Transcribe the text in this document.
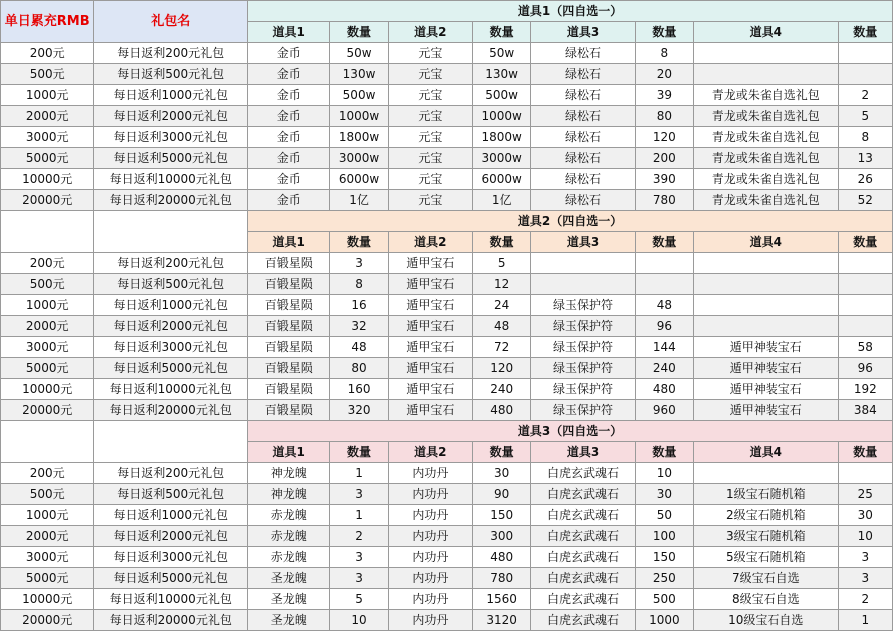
单日累充RMB	礼包名	道具1（四自选一）							
		道具1	数量	道具2	数量	道具3	数量	道具4	数量
200元	每日返利200元礼包	金币	50w	元宝	50w	绿松石	8		
500元	每日返利500元礼包	金币	130w	元宝	130w	绿松石	20		
1000元	每日返利1000元礼包	金币	500w	元宝	500w	绿松石	39	青龙或朱雀自选礼包	2
2000元	每日返利2000元礼包	金币	1000w	元宝	1000w	绿松石	80	青龙或朱雀自选礼包	5
3000元	每日返利3000元礼包	金币	1800w	元宝	1800w	绿松石	120	青龙或朱雀自选礼包	8
5000元	每日返利5000元礼包	金币	3000w	元宝	3000w	绿松石	200	青龙或朱雀自选礼包	13
10000元	每日返利10000元礼包	金币	6000w	元宝	6000w	绿松石	390	青龙或朱雀自选礼包	26
20000元	每日返利20000元礼包	金币	1亿	元宝	1亿	绿松石	780	青龙或朱雀自选礼包	52
		道具2（四自选一）							
		道具1	数量	道具2	数量	道具3	数量	道具4	数量
200元	每日返利200元礼包	百锻星陨	3	遁甲宝石	5				
500元	每日返利500元礼包	百锻星陨	8	遁甲宝石	12				
1000元	每日返利1000元礼包	百锻星陨	16	遁甲宝石	24	绿玉保护符	48		
2000元	每日返利2000元礼包	百锻星陨	32	遁甲宝石	48	绿玉保护符	96		
3000元	每日返利3000元礼包	百锻星陨	48	遁甲宝石	72	绿玉保护符	144	遁甲神装宝石	58
5000元	每日返利5000元礼包	百锻星陨	80	遁甲宝石	120	绿玉保护符	240	遁甲神装宝石	96
10000元	每日返利10000元礼包	百锻星陨	160	遁甲宝石	240	绿玉保护符	480	遁甲神装宝石	192
20000元	每日返利20000元礼包	百锻星陨	320	遁甲宝石	480	绿玉保护符	960	遁甲神装宝石	384
		道具3（四自选一）							
		道具1	数量	道具2	数量	道具3	数量	道具4	数量
200元	每日返利200元礼包	神龙魄	1	内功丹	30	白虎玄武魂石	10		
500元	每日返利500元礼包	神龙魄	3	内功丹	90	白虎玄武魂石	30	1级宝石随机箱	25
1000元	每日返利1000元礼包	赤龙魄	1	内功丹	150	白虎玄武魂石	50	2级宝石随机箱	30
2000元	每日返利2000元礼包	赤龙魄	2	内功丹	300	白虎玄武魂石	100	3级宝石随机箱	10
3000元	每日返利3000元礼包	赤龙魄	3	内功丹	480	白虎玄武魂石	150	5级宝石随机箱	3
5000元	每日返利5000元礼包	圣龙魄	3	内功丹	780	白虎玄武魂石	250	7级宝石自选	3
10000元	每日返利10000元礼包	圣龙魄	5	内功丹	1560	白虎玄武魂石	500	8级宝石自选	2
20000元	每日返利20000元礼包	圣龙魄	10	内功丹	3120	白虎玄武魂石	1000	10级宝石自选	1
